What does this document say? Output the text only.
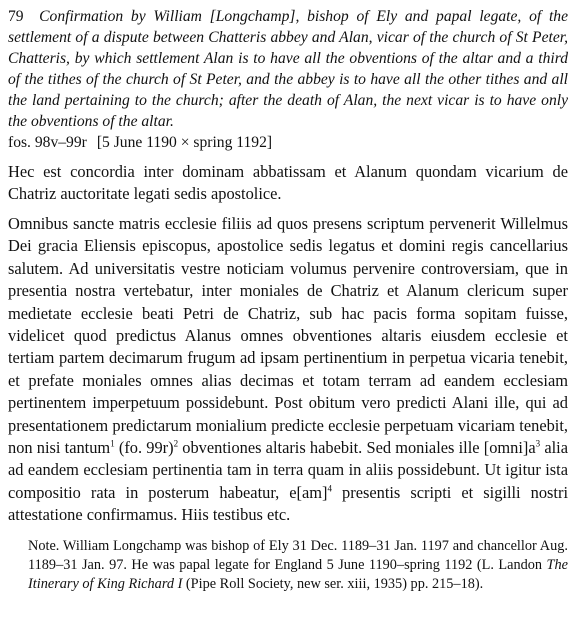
79 Confirmation by William [Longchamp], bishop of Ely and papal legate, of the settlement of a dispute between Chatteris abbey and Alan, vicar of the church of St Peter, Chatteris, by which settlement Alan is to have all the obventions of the altar and a third of the tithes of the church of St Peter, and the abbey is to have all the other tithes and all the land pertaining to the church; after the death of Alan, the next vicar is to have only the obventions of the altar.

fos. 98v–99r [5 June 1190 × spring 1192]

Hec est concordia inter dominam abbatissam et Alanum quondam vicarium de Chatriz auctoritate legati sedis apostolice.

Omnibus sancte matris ecclesie filiis ad quos presens scriptum pervenerit Willelmus Dei gracia Eliensis episcopus, apostolice sedis legatus et domini regis cancellarius salutem. Ad universitatis vestre noticiam volumus pervenire controversiam, que in presentia nostra vertebatur, inter moniales de Chatriz et Alanum clericum super medietate ecclesie beati Petri de Chatriz, sub hac pacis forma sopitam fuisse, videlicet quod predictus Alanus omnes obventiones altaris eiusdem ecclesie et tertiam partem decimarum frugum ad ipsam pertinentium in perpetua vicaria tenebit, et prefate moniales omnes alias decimas et totam terram ad eandem ecclesiam pertinentem imperpetuum possidebunt. Post obitum vero predicti Alani ille, qui ad presentationem predictarum monialium predicte ecclesie perpetuam vicariam tenebit, non nisi tantum$^1$ (fo. 99r)$^2$ obventiones altaris habebit. Sed moniales ille $[omni]a^3$ alia ad eandem ecclesiam pertinentia tam in terra quam in aliis possidebunt. Ut igitur ista compositio rata in posterum habeatur, e[am]$^4$ presentis scripti et sigilli nostri attestatione confirmamus. Hiis testibus etc.

Note. William Longchamp was bishop of Ely 31 Dec. 1189–31 Jan. 1197 and chancellor Aug. 1189–31 Jan. 97. He was papal legate for England 5 June 1190–spring 1192 (L. Landon The Itinerary of King Richard I (Pipe Roll Society, new ser. xiii, 1935) pp. 215–18).
